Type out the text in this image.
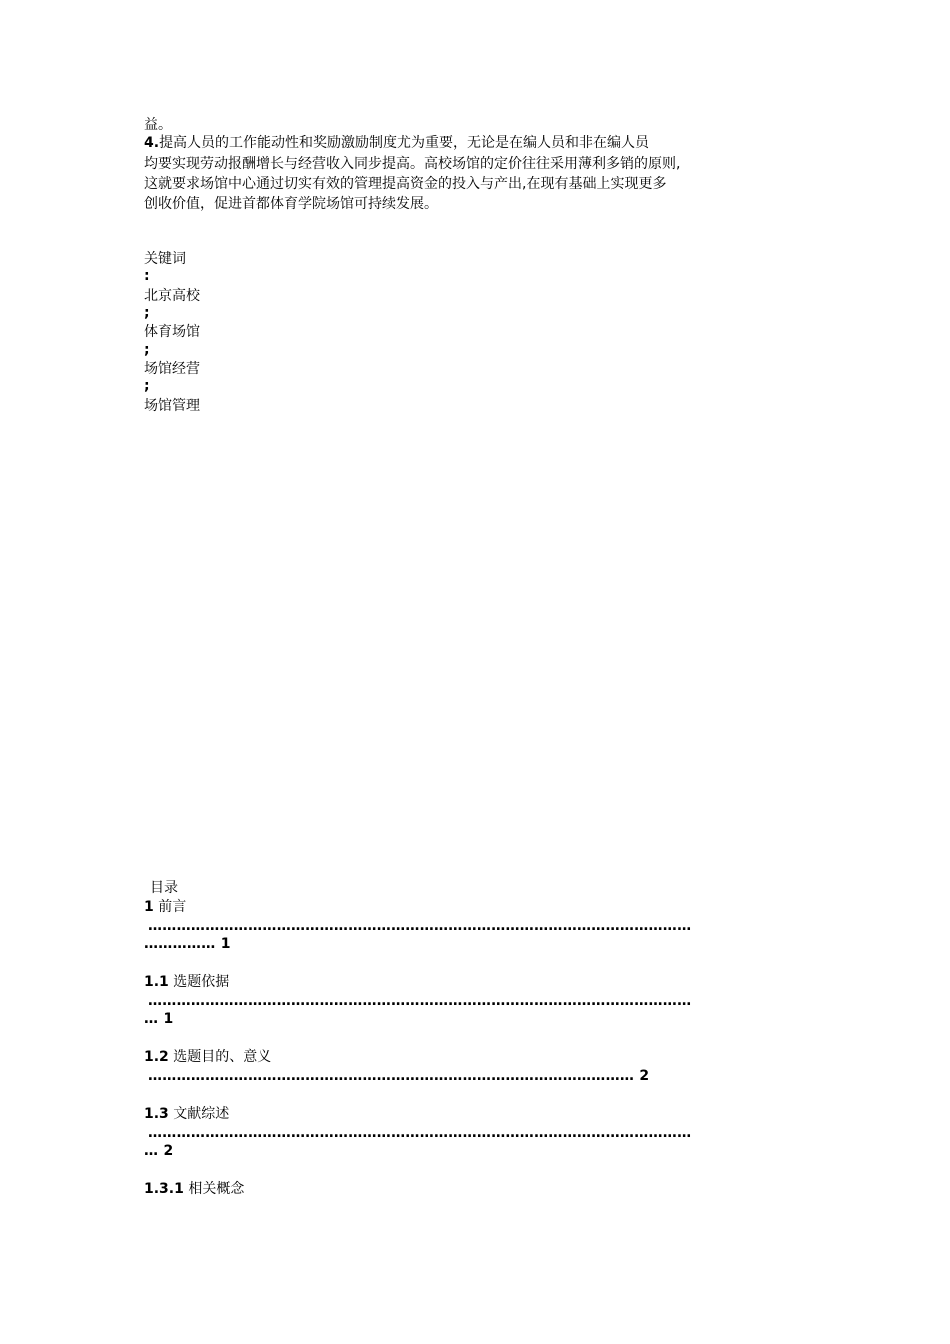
益。
4.提高人员的工作能动性和奖励激励制度尤为重要，无论是在编人员和非在编人员
均要实现劳动报酬增长与经营收入同步提高。高校场馆的定价往往采用薄利多销的原则,
这就要求场馆中心通过切实有效的管理提高资金的投入与产出,在现有基础上实现更多
创收价值，促进首都体育学院场馆可持续发展。
关键词
:
北京高校
;
体育场馆
;
场馆经营
;
场馆管理
目录
1 前言
……………………………………………………………………………………………………
…………… 1
1.1 选题依据
……………………………………………………………………………………………………
… 1
1.2 选题目的、意义
………………………………………………………………………………………… 2
1.3 文献综述
……………………………………………………………………………………………………
… 2
1.3.1 相关概念
